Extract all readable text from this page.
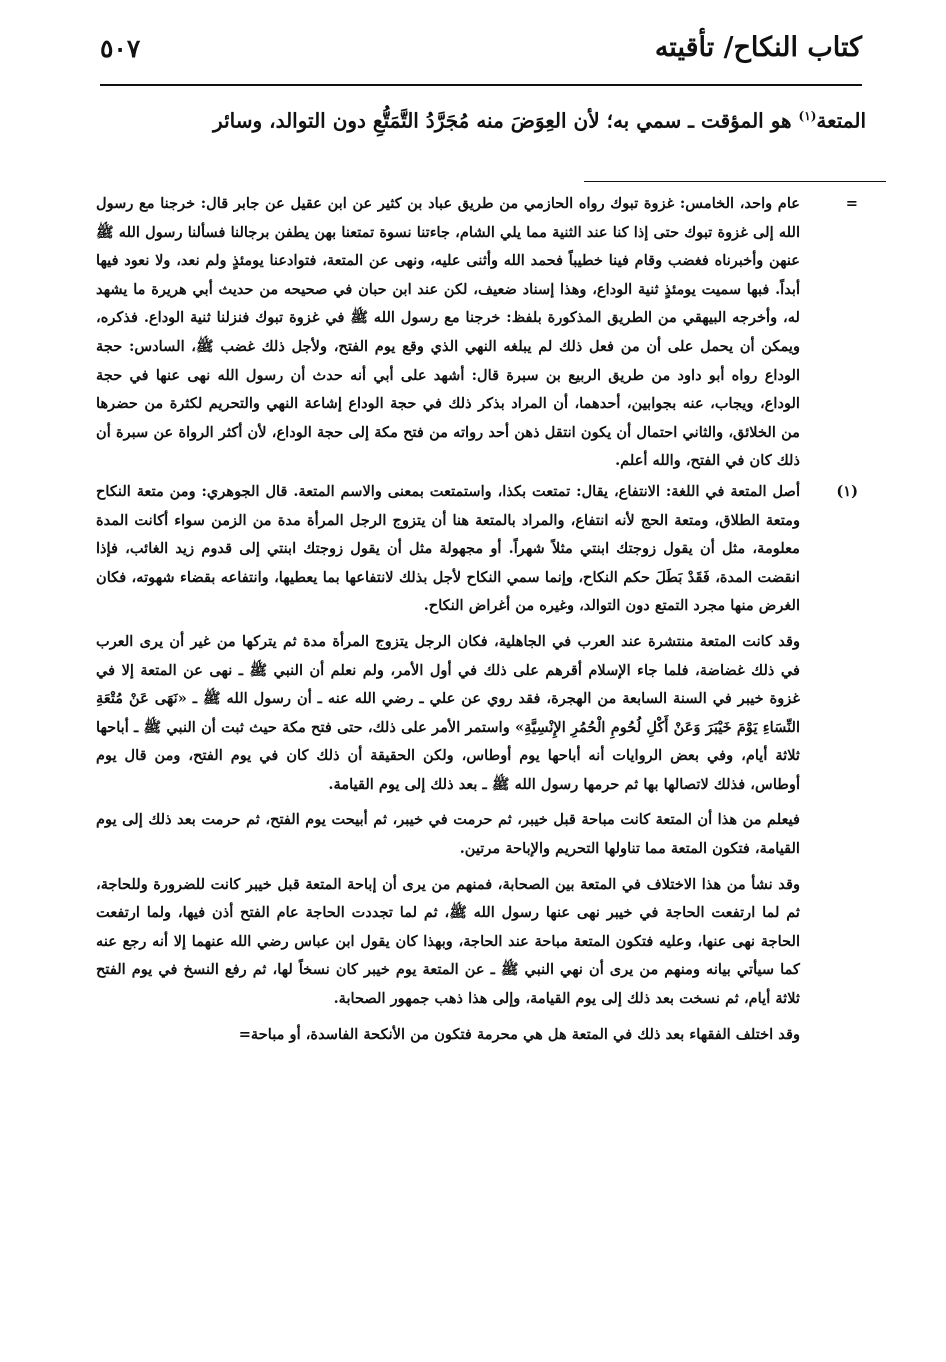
كتاب النكاح/ تأقيته
٥٠٧
المتعة$^{(١)}$ هو المؤقت ـ سمي به؛ لأن العِوَضَ منه مُجَرَّدُ التَّمَتُّعِ دون التوالد، وسائر
=
عام واحد، الخامس: غزوة تبوك رواه الحازمي من طريق عباد بن كثير عن ابن عقيل عن جابر قال: خرجنا مع رسول الله إلى غزوة تبوك حتى إذا كنا عند الثنية مما يلي الشام، جاءتنا نسوة تمتعنا بهن يطفن برجالنا فسألنا رسول الله ﷺ عنهن وأخبرناه فغضب وقام فينا خطيباً فحمد الله وأثنى عليه، ونهى عن المتعة، فتوادعنا يومئذٍ ولم نعد، ولا نعود فيها أبداً. فبها سميت يومئذٍ ثنية الوداع، وهذا إسناد ضعيف، لكن عند ابن حبان في صحيحه من حديث أبي هريرة ما يشهد له، وأخرجه البيهقي من الطريق المذكورة بلفظ: خرجنا مع رسول الله ﷺ في غزوة تبوك فنزلنا ثنية الوداع. فذكره، ويمكن أن يحمل على أن من فعل ذلك لم يبلغه النهي الذي وقع يوم الفتح، ولأجل ذلك غضب ﷺ، السادس: حجة الوداع رواه أبو داود من طريق الربيع بن سبرة قال: أشهد على أبي أنه حدث أن رسول الله نهى عنها في حجة الوداع، ويجاب، عنه بجوابين، أحدهما، أن المراد بذكر ذلك في حجة الوداع إشاعة النهي والتحريم لكثرة من حضرها من الخلائق، والثاني احتمال أن يكون انتقل ذهن أحد رواته من فتح مكة إلى حجة الوداع، لأن أكثر الرواة عن سبرة أن ذلك كان في الفتح، والله أعلم.
(١)
أصل المتعة في اللغة: الانتفاع، يقال: تمتعت بكذا، واستمتعت بمعنى والاسم المتعة. قال الجوهري: ومن متعة النكاح ومتعة الطلاق، ومتعة الحج لأنه انتفاع، والمراد بالمتعة هنا أن يتزوج الرجل المرأة مدة من الزمن سواء أكانت المدة معلومة، مثل أن يقول زوجتك ابنتي مثلاً شهراً. أو مجهولة مثل أن يقول زوجتك ابنتي إلى قدوم زيد الغائب، فإذا انقضت المدة، فَقَدْ بَطَلَ حكم النكاح، وإنما سمي النكاح لأجل بذلك لانتفاعها بما يعطيها، وانتفاعه بقضاء شهوته، فكان الغرض منها مجرد التمتع دون التوالد، وغيره من أغراض النكاح.
وقد كانت المتعة منتشرة عند العرب في الجاهلية، فكان الرجل يتزوج المرأة مدة ثم يتركها من غير أن يرى العرب في ذلك غضاضة، فلما جاء الإسلام أقرهم على ذلك في أول الأمر، ولم نعلم أن النبي ﷺ ـ نهى عن المتعة إلا في غزوة خيبر في السنة السابعة من الهجرة، فقد روي عن علي ـ رضي الله عنه ـ أن رسول الله ﷺ ـ «نَهَى عَنْ مُتْعَةِ النِّسَاءِ يَوْمَ خَيْبَرَ وَعَنْ أَكْلِ لُحُومِ الْحُمُرِ الإِنْسِيَّةِ» واستمر الأمر على ذلك، حتى فتح مكة حيث ثبت أن النبي ﷺ ـ أباحها ثلاثة أيام، وفي بعض الروايات أنه أباحها يوم أوطاس، ولكن الحقيقة أن ذلك كان في يوم الفتح، ومن قال يوم أوطاس، فذلك لاتصالها بها ثم حرمها رسول الله ﷺ ـ بعد ذلك إلى يوم القيامة.
فيعلم من هذا أن المتعة كانت مباحة قبل خيبر، ثم حرمت في خيبر، ثم أبيحت يوم الفتح، ثم حرمت بعد ذلك إلى يوم القيامة، فتكون المتعة مما تناولها التحريم والإباحة مرتين.
وقد نشأ من هذا الاختلاف في المتعة بين الصحابة، فمنهم من يرى أن إباحة المتعة قبل خيبر كانت للضرورة وللحاجة، ثم لما ارتفعت الحاجة في خيبر نهى عنها رسول الله ﷺ، ثم لما تجددت الحاجة عام الفتح أذن فيها، ولما ارتفعت الحاجة نهى عنها، وعليه فتكون المتعة مباحة عند الحاجة، وبهذا كان يقول ابن عباس رضي الله عنهما إلا أنه رجع عنه كما سيأتي بيانه ومنهم من يرى أن نهي النبي ﷺ ـ عن المتعة يوم خيبر كان نسخاً لها، ثم رفع النسخ في يوم الفتح ثلاثة أيام، ثم نسخت بعد ذلك إلى يوم القيامة، وإلى هذا ذهب جمهور الصحابة.
وقد اختلف الفقهاء بعد ذلك في المتعة هل هي محرمة فتكون من الأنكحة الفاسدة، أو مباحة=
